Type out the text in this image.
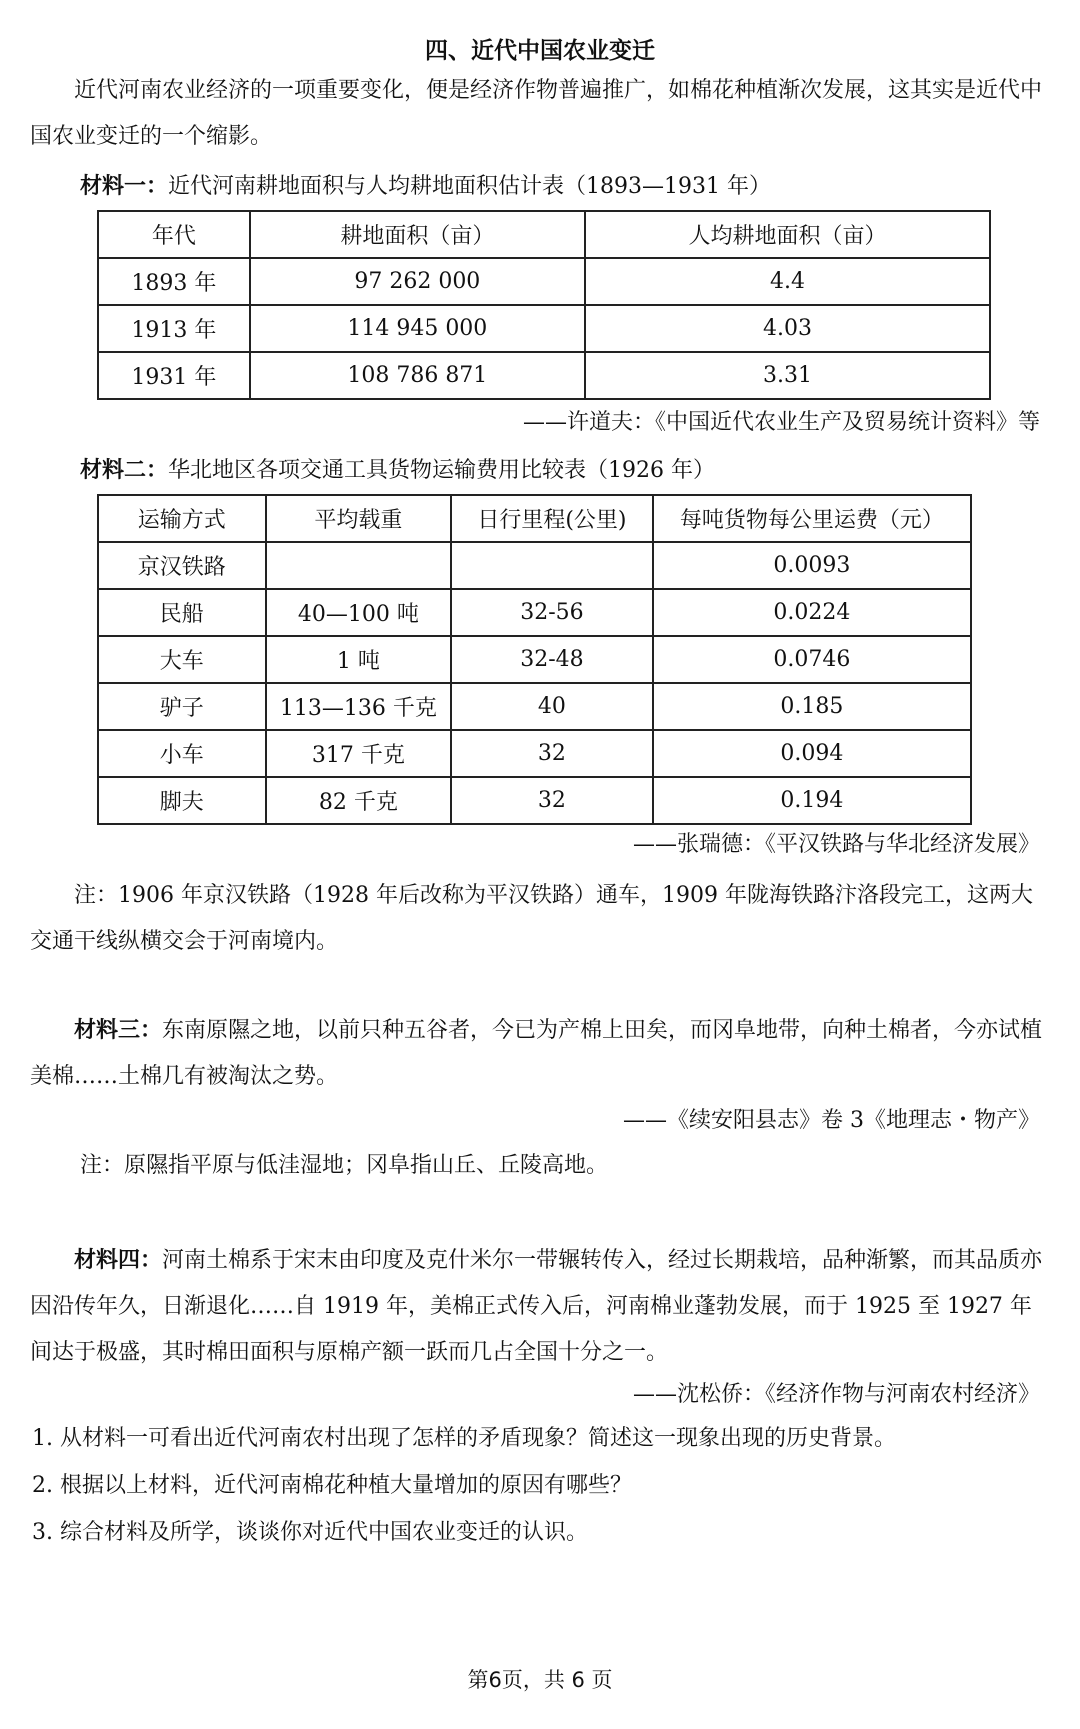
四、近代中国农业变迁

近代河南农业经济的一项重要变化，便是经济作物普遍推广，如棉花种植渐次发展，这其实是近代中国农业变迁的一个缩影。

材料一：近代河南耕地面积与人均耕地面积估计表（1893—1931 年）
年代	耕地面积（亩）	人均耕地面积（亩）
1893 年	97 262 000	4.4
1913 年	114 945 000	4.03
1931 年	108 786 871	3.31
——许道夫：《中国近代农业生产及贸易统计资料》等
材料二：华北地区各项交通工具货物运输费用比较表（1926 年）
运输方式	平均载重	日行里程(公里)	每吨货物每公里运费（元）
京汉铁路			0.0093
民船	40—100 吨	32-56	0.0224
大车	1 吨	32-48	0.0746
驴子	113—136 千克	40	0.185
小车	317 千克	32	0.094
脚夫	82 千克	32	0.194
——张瑞德：《平汉铁路与华北经济发展》

注：1906 年京汉铁路（1928 年后改称为平汉铁路）通车，1909 年陇海铁路汴洛段完工，这两大交通干线纵横交会于河南境内。

材料三：东南原隰之地，以前只种五谷者，今已为产棉上田矣，而冈阜地带，向种土棉者，今亦试植美棉……土棉几有被淘汰之势。

——《续安阳县志》卷 3《地理志・物产》
注：原隰指平原与低洼湿地；冈阜指山丘、丘陵高地。

材料四：河南土棉系于宋末由印度及克什米尔一带辗转传入，经过长期栽培，品种渐繁，而其品质亦因沿传年久，日渐退化……自 1919 年，美棉正式传入后，河南棉业蓬勃发展，而于 1925 至 1927 年间达于极盛，其时棉田面积与原棉产额一跃而几占全国十分之一。

——沈松侨：《经济作物与河南农村经济》
1. 从材料一可看出近代河南农村出现了怎样的矛盾现象？简述这一现象出现的历史背景。
2. 根据以上材料，近代河南棉花种植大量增加的原因有哪些？
3. 综合材料及所学，谈谈你对近代中国农业变迁的认识。
第6页，共 6 页
